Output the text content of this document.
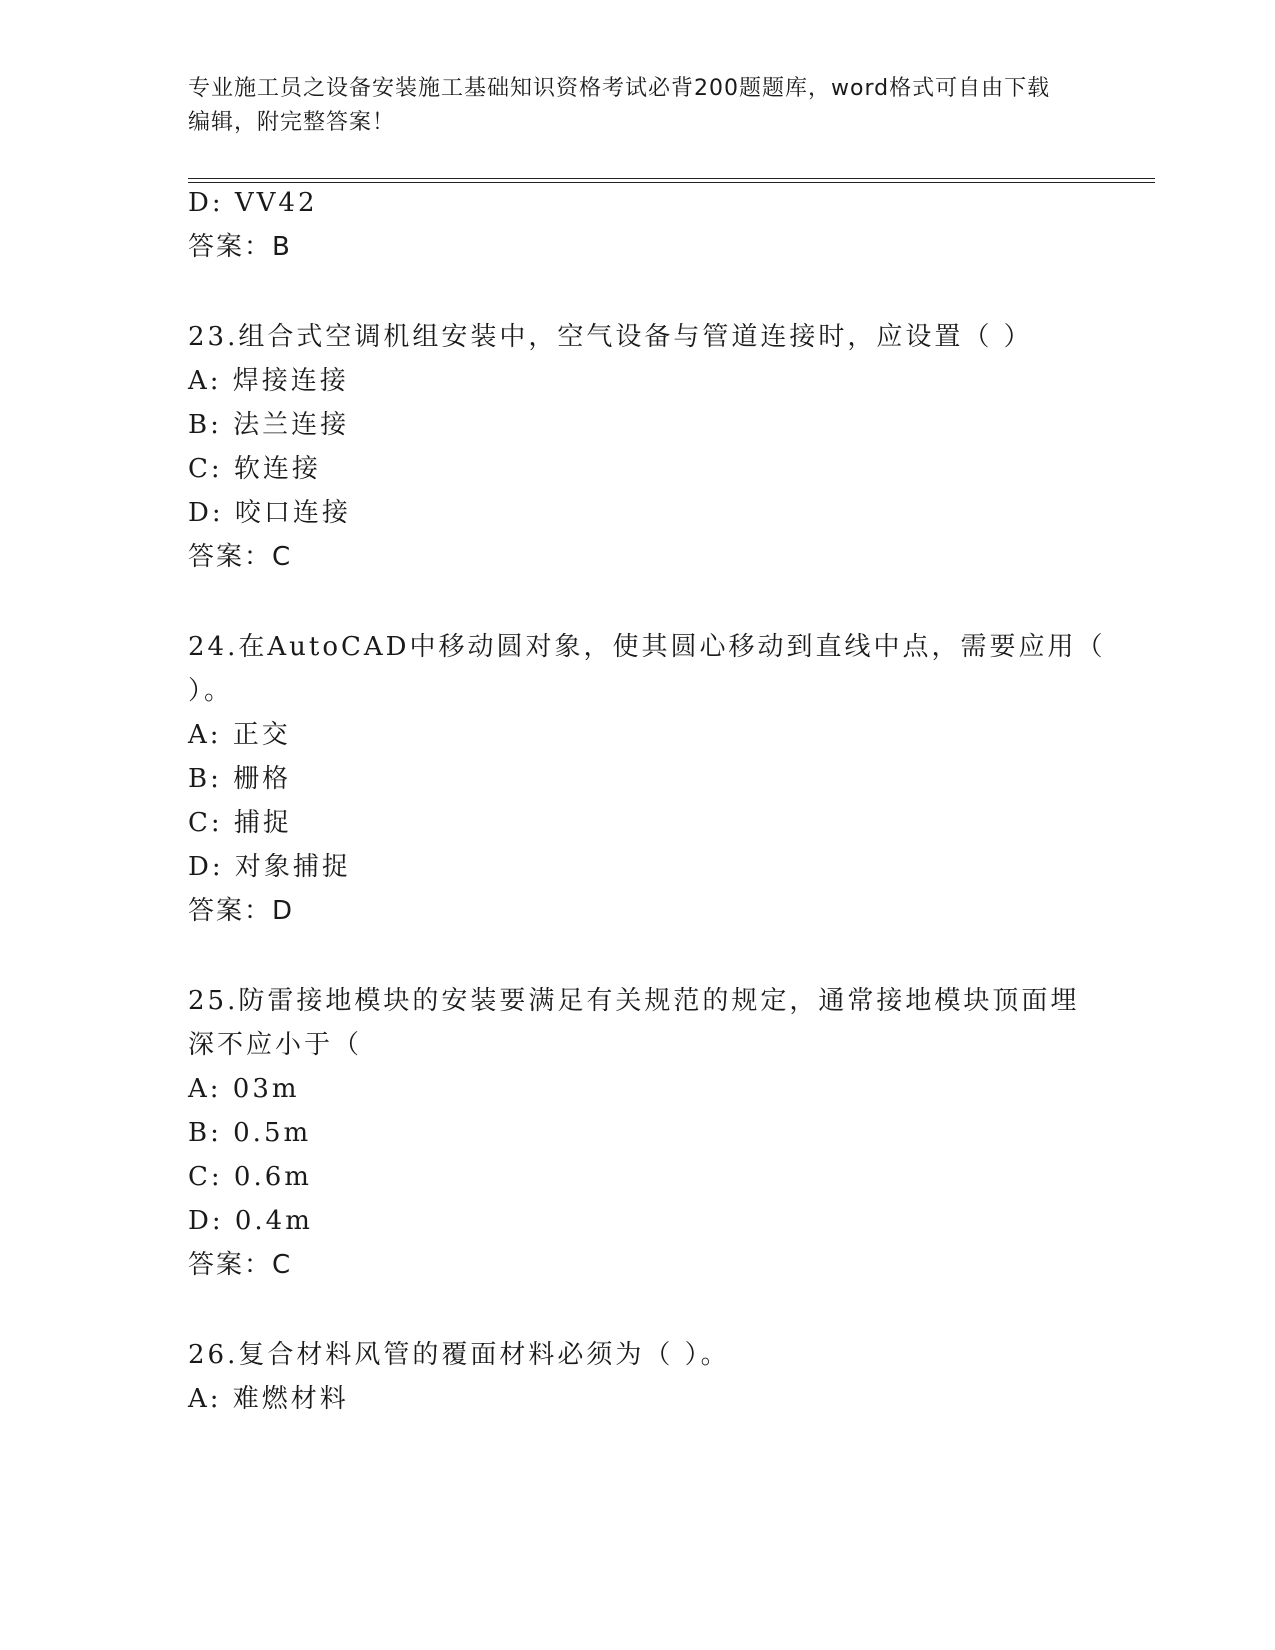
专业施工员之设备安装施工基础知识资格考试必背200题题库，word格式可自由下载编辑，附完整答案！
D: VV42
答案：B
23.组合式空调机组安装中，空气设备与管道连接时，应设置（ ）
A: 焊接连接
B: 法兰连接
C: 软连接
D: 咬口连接
答案：C
24.在AutoCAD中移动圆对象，使其圆心移动到直线中点，需要应用（
）。
A: 正交
B: 栅格
C: 捕捉
D: 对象捕捉
答案：D
25.防雷接地模块的安装要满足有关规范的规定，通常接地模块顶面埋
深不应小于（
A: 03m
B: 0.5m
C: 0.6m
D: 0.4m
答案：C
26.复合材料风管的覆面材料必须为（ ）。
A: 难燃材料
